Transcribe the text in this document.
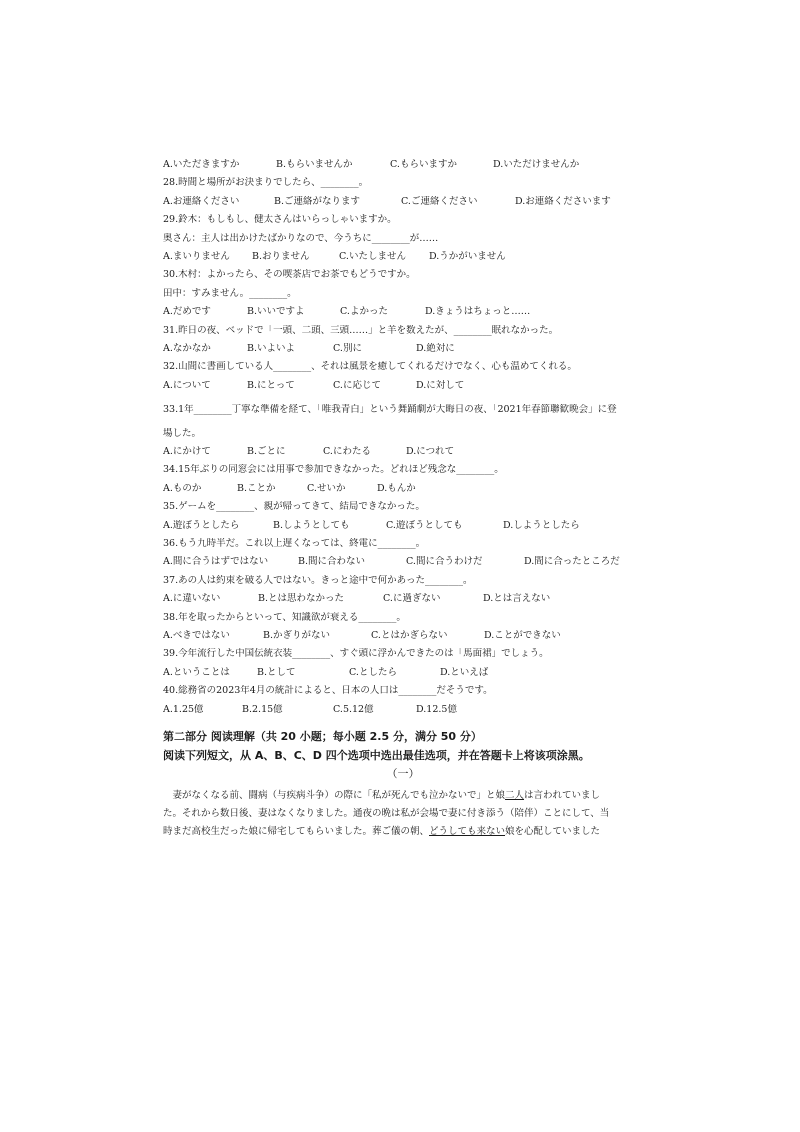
A.いただきますか	B.もらいませんか	C.もらいますか	D.いただけませんか
28.時間と場所がお決まりでしたら、________。
A.お連絡ください	B.ご連絡がなります	C.ご連絡ください	D.お連絡くださいます
29.鈴木：もしもし、健太さんはいらっしゃいますか。
奥さん：主人は出かけたばかりなので、今うちに________が……
A.まいりません	B.おりません	C.いたしません	D.うかがいません
30.木村：よかったら、その喫茶店でお茶でもどうですか。
田中：すみません。________。
A.だめです	B.いいですよ	C.よかった	D.きょうはちょっと……
31.昨日の夜、ベッドで「一頭、二頭、三頭……」と羊を数えたが、________眠れなかった。
A.なかなか	B.いよいよ	C.別に	D.絶対に
32.山間に書画している人________、それは風景を癒してくれるだけでなく、心も温めてくれる。
A.について	B.にとって	C.に応じて	D.に対して
33.1年________丁寧な準備を経て、「唯我青白」という舞踊劇が大晦日の夜、「2021年春節聯歓晩会」に登
場した。
A.にかけて	B.ごとに	C.にわたる	D.につれて
34.15年ぶりの同窓会には用事で参加できなかった。どれほど残念な________。
A.ものか	B.ことか	C.せいか	D.もんか
35.ゲームを________、親が帰ってきて、結局できなかった。
A.遊ぼうとしたら	B.しようとしても	C.遊ぼうとしても	D.しようとしたら
36.もう九時半だ。これ以上遅くなっては、終電に________。
A.間に合うはずではない	B.間に合わない	C.間に合うわけだ	D.間に合ったところだ
37.あの人は約束を破る人ではない。きっと途中で何かあった________。
A.に違いない	B.とは思わなかった	C.に過ぎない	D.とは言えない
38.年を取ったからといって、知識欲が衰える________。
A.べきではない	B.かぎりがない	C.とはかぎらない	D.ことができない
39.今年流行した中国伝統衣装________、すぐ頭に浮かんできたのは「馬面裙」でしょう。
A.ということは	B.として	C.としたら	D.といえば
40.総務省の2023年4月の統計によると、日本の人口は________だそうです。
A.1.25億	B.2.15億	C.5.12億	D.12.5億
第二部分 阅读理解（共 20 小题；每小题 2.5 分，满分 50 分）
阅读下列短文，从 A、B、C、D 四个选项中选出最佳选项，并在答题卡上将该项涂黑。
（一）
　妻がなくなる前、闘病（与疾病斗争）の際に「私が死んでも泣かないで」と娘二人は言われていまし
た。それから数日後、妻はなくなりました。通夜の晩は私が会場で妻に付き添う（陪伴）ことにして、当
時まだ高校生だった娘に帰宅してもらいました。葬ご儀の朝、どうしても来ない娘を心配していました
